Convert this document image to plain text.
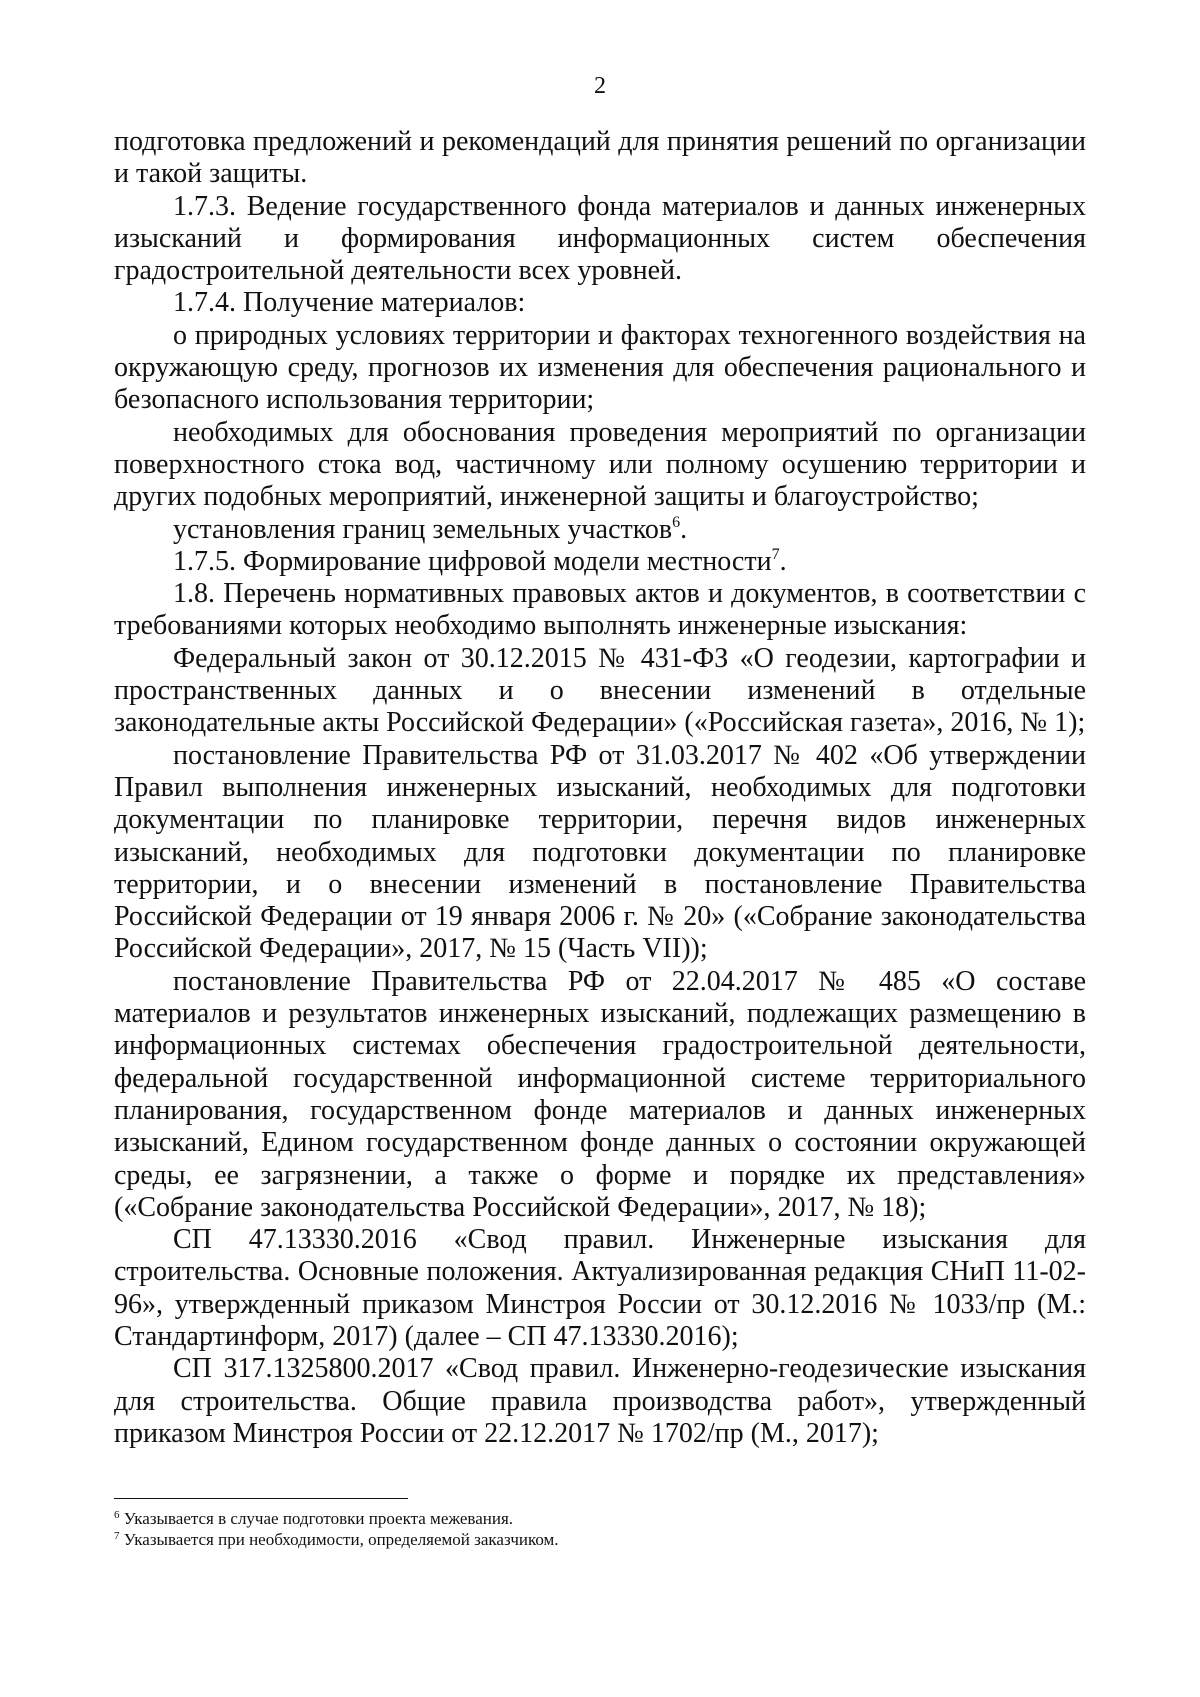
2

подготовка предложений и рекомендаций для принятия решений по организации и такой защиты.

1.7.3. Ведение государственного фонда материалов и данных инженерных изысканий и формирования информационных систем обеспечения градостроительной деятельности всех уровней.

1.7.4. Получение материалов:

о природных условиях территории и факторах техногенного воздействия на окружающую среду, прогнозов их изменения для обеспечения рационального и безопасного использования территории;

необходимых для обоснования проведения мероприятий по организации поверхностного стока вод, частичному или полному осушению территории и других подобных мероприятий, инженерной защиты и благоустройство;

установления границ земельных участков$^6$.

1.7.5. Формирование цифровой модели местности$^7$.

1.8. Перечень нормативных правовых актов и документов, в соответствии с требованиями которых необходимо выполнять инженерные изыскания:

Федеральный закон от 30.12.2015 № 431-ФЗ «О геодезии, картографии и пространственных данных и о внесении изменений в отдельные законодательные акты Российской Федерации» («Российская газета», 2016, № 1);

постановление Правительства РФ от 31.03.2017 № 402 «Об утверждении Правил выполнения инженерных изысканий, необходимых для подготовки документации по планировке территории, перечня видов инженерных изысканий, необходимых для подготовки документации по планировке территории, и о внесении изменений в постановление Правительства Российской Федерации от 19 января 2006 г. № 20» («Собрание законодательства Российской Федерации», 2017, № 15 (Часть VII));

постановление Правительства РФ от 22.04.2017 № 485 «О составе материалов и результатов инженерных изысканий, подлежащих размещению в информационных системах обеспечения градостроительной деятельности, федеральной государственной информационной системе территориального планирования, государственном фонде материалов и данных инженерных изысканий, Едином государственном фонде данных о состоянии окружающей среды, ее загрязнении, а также о форме и порядке их представления» («Собрание законодательства Российской Федерации», 2017, № 18);

СП 47.13330.2016 «Свод правил. Инженерные изыскания для строительства. Основные положения. Актуализированная редакция СНиП 11-02-96», утвержденный приказом Минстроя России от 30.12.2016 № 1033/пр (М.: Стандартинформ, 2017) (далее – СП 47.13330.2016);

СП 317.1325800.2017 «Свод правил. Инженерно-геодезические изыскания для строительства. Общие правила производства работ», утвержденный приказом Минстроя России от 22.12.2017 № 1702/пр (М., 2017);

$^6$ Указывается в случае подготовки проекта межевания.

$^7$ Указывается при необходимости, определяемой заказчиком.
